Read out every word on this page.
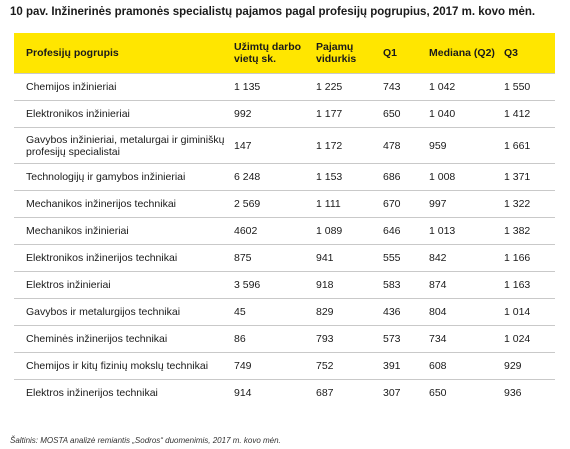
10 pav. Inžinerinės pramonės specialistų pajamos pagal profesijų pogrupius, 2017 m. kovo mėn.
Profesijų pogrupis	Užimtų darbo vietų sk.	Pajamų vidurkis	Q1	Mediana (Q2)	Q3
Chemijos inžinieriai	1 135	1 225	743	1 042	1 550
Elektronikos inžinieriai	992	1 177	650	1 040	1 412
Gavybos inžinieriai, metalurgai ir giminiškų profesijų specialistai	147	1 172	478	959	1 661
Technologijų ir gamybos inžinieriai	6 248	1 153	686	1 008	1 371
Mechanikos inžinerijos technikai	2 569	1 111	670	997	1 322
Mechanikos inžinieriai	4602	1 089	646	1 013	1 382
Elektronikos inžinerijos technikai	875	941	555	842	1 166
Elektros inžinieriai	3 596	918	583	874	1 163
Gavybos ir metalurgijos technikai	45	829	436	804	1 014
Cheminės inžinerijos technikai	86	793	573	734	1 024
Chemijos ir kitų fizinių mokslų technikai	749	752	391	608	929
Elektros inžinerijos technikai	914	687	307	650	936
Šaltinis: MOSTA analizė remiantis „Sodros“ duomenimis, 2017 m. kovo mėn.
